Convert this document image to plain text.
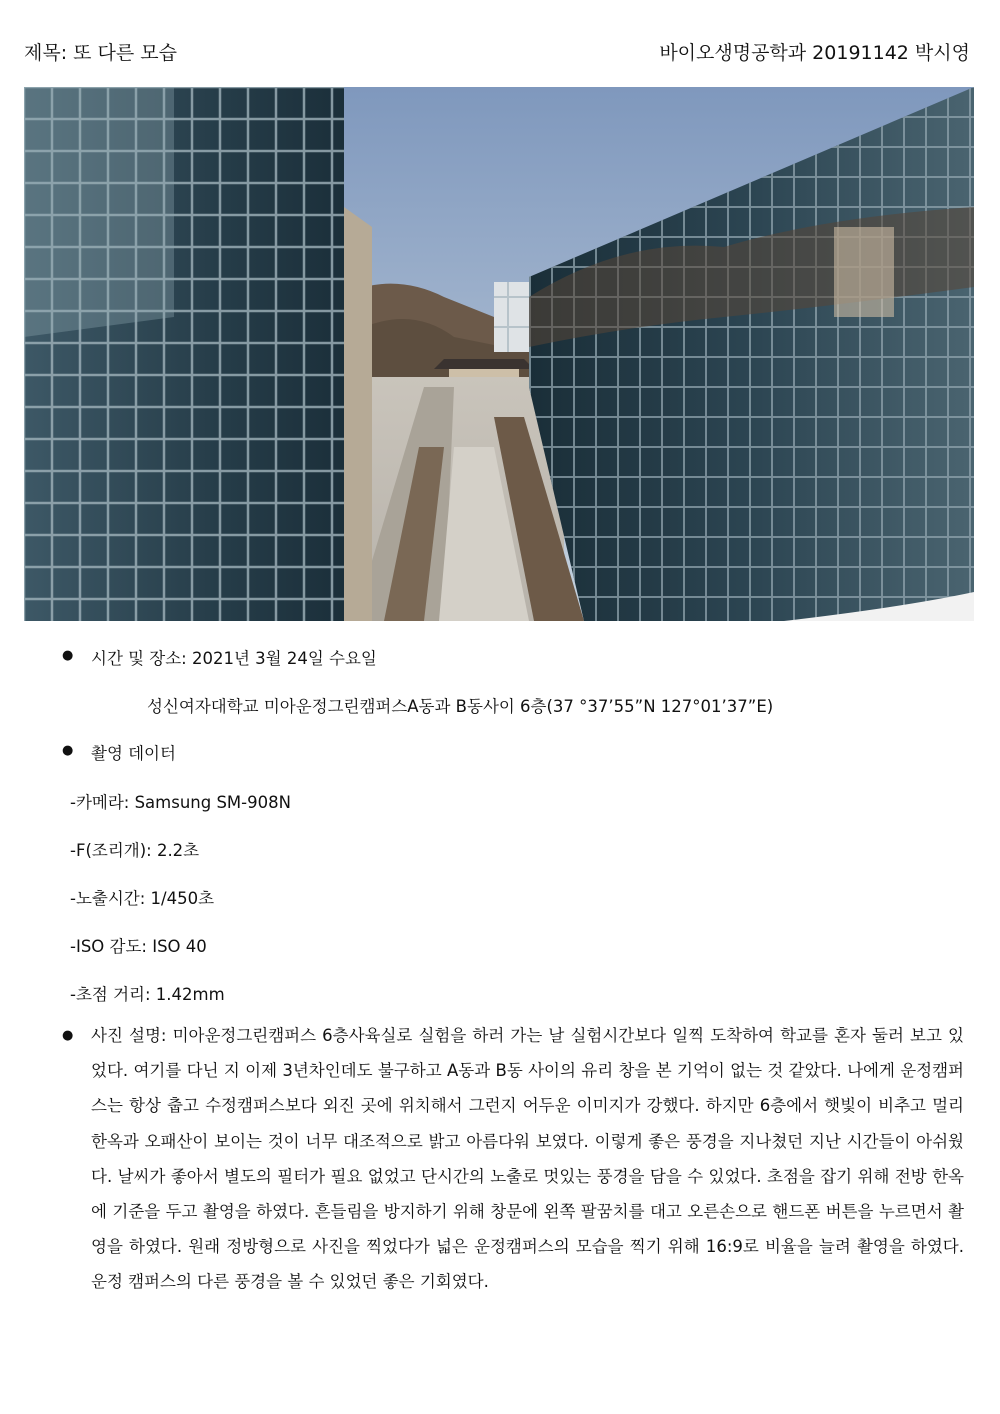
제목: 또 다른 모습	바이오생명공학과 20191142 박시영
● 시간 및 장소: 2021년 3월 24일 수요일
성신여자대학교 미아운정그린캠퍼스A동과 B동사이 6층(37 °37’55”N 127°01’37”E)
● 촬영 데이터
-카메라: Samsung SM-908N
-F(조리개): 2.2초
-노출시간: 1/450초
-ISO 감도: ISO 40
-초점 거리: 1.42mm
● 사진 설명: 미아운정그린캠퍼스 6층사육실로 실험을 하러 가는 날 실험시간보다 일찍 도착하여 학교를 혼자 둘러 보고 있었다. 여기를 다닌 지 이제 3년차인데도 불구하고 A동과 B동 사이의 유리 창을 본 기억이 없는 것 같았다. 나에게 운정캠퍼스는 항상 춥고 수정캠퍼스보다 외진 곳에 위치해서 그런지 어두운 이미지가 강했다. 하지만 6층에서 햇빛이 비추고 멀리 한옥과 오패산이 보이는 것이 너무 대조적으로 밝고 아름다워 보였다. 이렇게 좋은 풍경을 지나쳤던 지난 시간들이 아쉬웠다. 날씨가 좋아서 별도의 필터가 필요 없었고 단시간의 노출로 멋있는 풍경을 담을 수 있었다. 초점을 잡기 위해 전방 한옥에 기준을 두고 촬영을 하였다. 흔들림을 방지하기 위해 창문에 왼쪽 팔꿈치를 대고 오른손으로 핸드폰 버튼을 누르면서 촬영을 하였다. 원래 정방형으로 사진을 찍었다가 넓은 운정캠퍼스의 모습을 찍기 위해 16:9로 비율을 늘려 촬영을 하였다. 운정 캠퍼스의 다른 풍경을 볼 수 있었던 좋은 기회였다.
